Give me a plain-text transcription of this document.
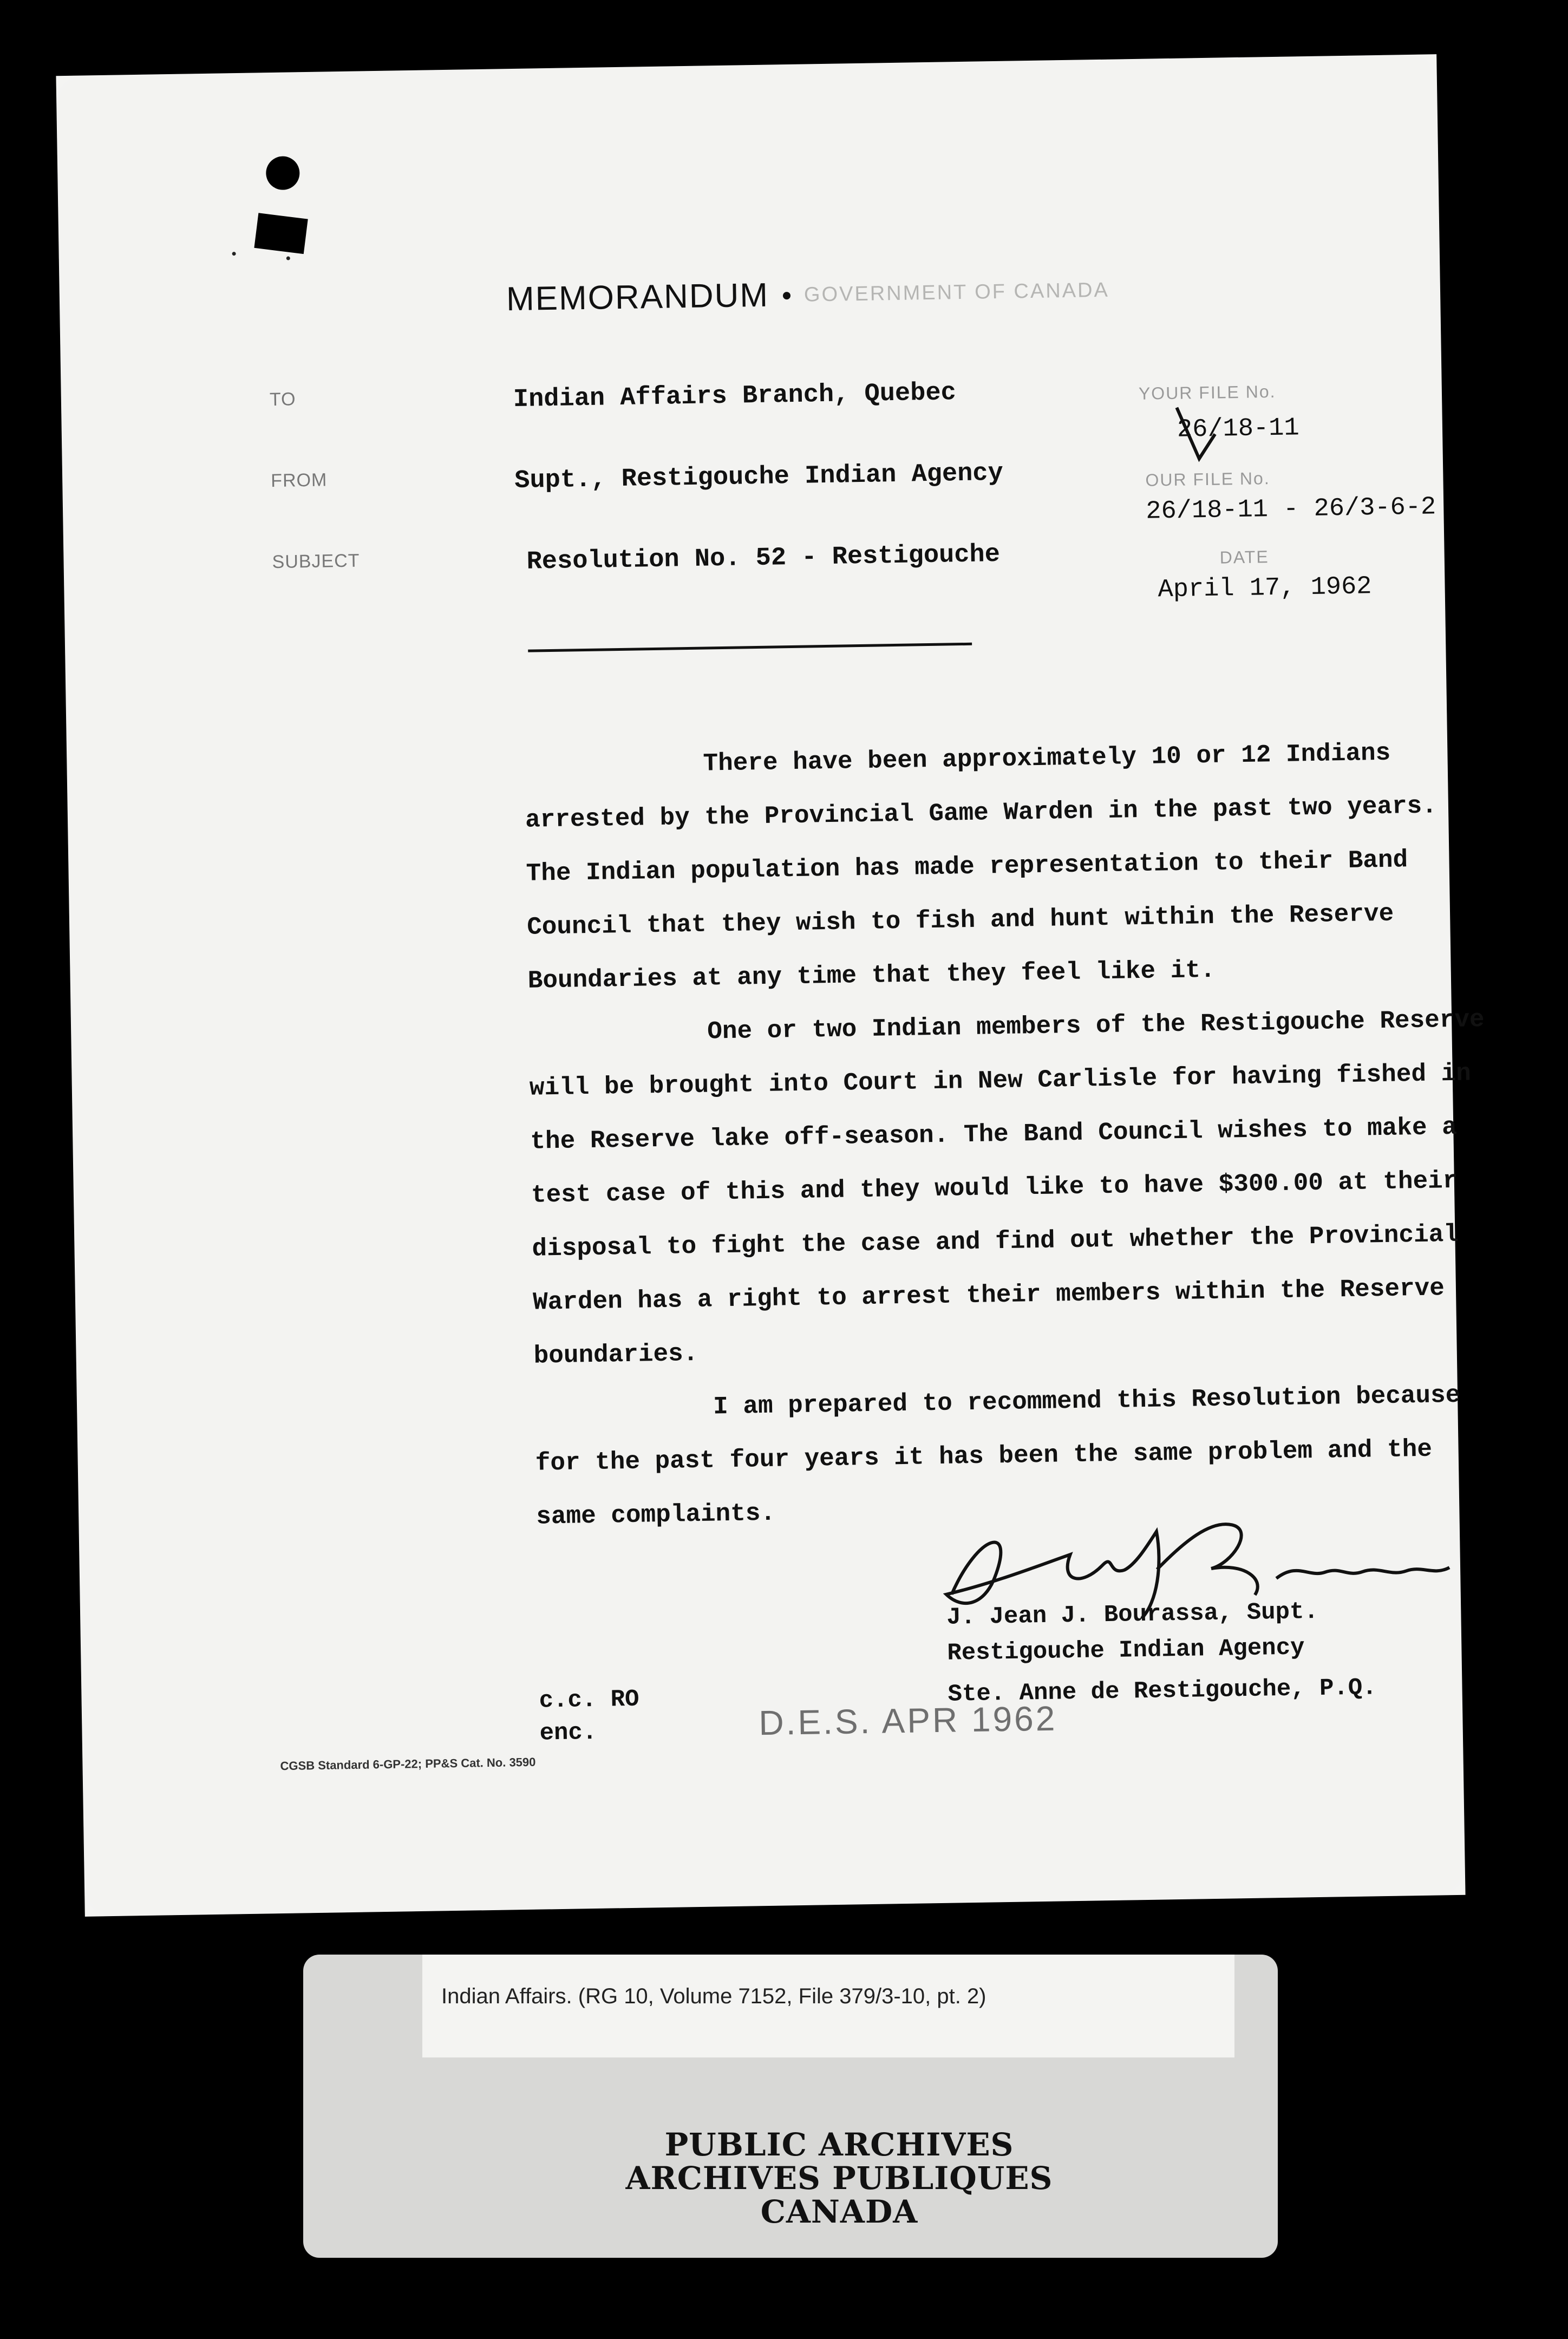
MEMORANDUM	GOVERNMENT OF CANADA
TO	Indian Affairs Branch, Quebec
FROM	Supt., Restigouche Indian Agency
SUBJECT	Resolution No. 52 - Restigouche
YOUR FILE No.
26/18-11
OUR FILE No.
26/18-11 - 26/3-6-2
DATE
April 17, 1962

There have been approximately 10 or 12 Indians arrested by the Provincial Game Warden in the past two years. The Indian population has made representation to their Band Council that they wish to fish and hunt within the Reserve Boundaries at any time that they feel like it.

One or two Indian members of the Restigouche Reserve will be brought into Court in New Carlisle for having fished in the Reserve lake off-season. The Band Council wishes to make a test case of this and they would like to have $300.00 at their disposal to fight the case and find out whether the Provincial Warden has a right to arrest their members within the Reserve boundaries.

I am prepared to recommend this Resolution because for the past four years it has been the same problem and the same complaints.

J. Jean J. Bourassa, Supt.
Restigouche Indian Agency
Ste. Anne de Restigouche, P.Q.
c.c. RO
enc.	D.E.S. APR 1962
CGSB Standard 6-GP-22; PP&S Cat. No. 3590
Indian Affairs. (RG 10, Volume 7152, File 379/3-10, pt. 2)
PUBLIC ARCHIVES
ARCHIVES PUBLIQUES
CANADA
